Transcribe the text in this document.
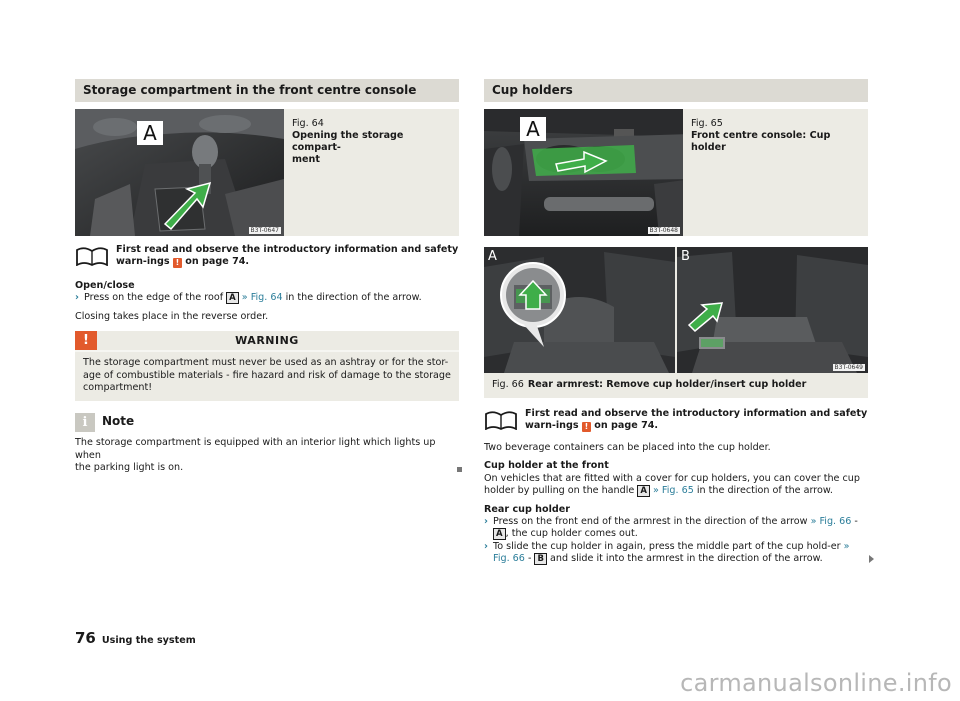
Storage compartment in the front centre console
A
B3T-0647
Fig. 64
Opening the storage compart-
ment
First read and observe the introductory information and safety warn-ings ! on page 74.
Open/close
› Press on the edge of the roof A » Fig. 64 in the direction of the arrow.
Closing takes place in the reverse order.
!	WARNING
The storage compartment must never be used as an ashtray or for the stor-
age of combustible materials - fire hazard and risk of damage to the storage
compartment!
i	Note
The storage compartment is equipped with an interior light which lights up when
the parking light is on.
Cup holders
A
B3T-0648
Fig. 65
Front centre console: Cup holder
A	B
B3T-0649
Fig. 66 Rear armrest: Remove cup holder/insert cup holder
First read and observe the introductory information and safety warn-ings ! on page 74.
Two beverage containers can be placed into the cup holder.
Cup holder at the front
On vehicles that are fitted with a cover for cup holders, you can cover the cup holder by pulling on the handle A » Fig. 65 in the direction of the arrow.
Rear cup holder
› Press on the front end of the armrest in the direction of the arrow » Fig. 66 - A , the cup holder comes out.
› To slide the cup holder in again, press the middle part of the cup hold-er » Fig. 66 - B and slide it into the armrest in the direction of the arrow.
76 Using the system
carmanualsonline.info
